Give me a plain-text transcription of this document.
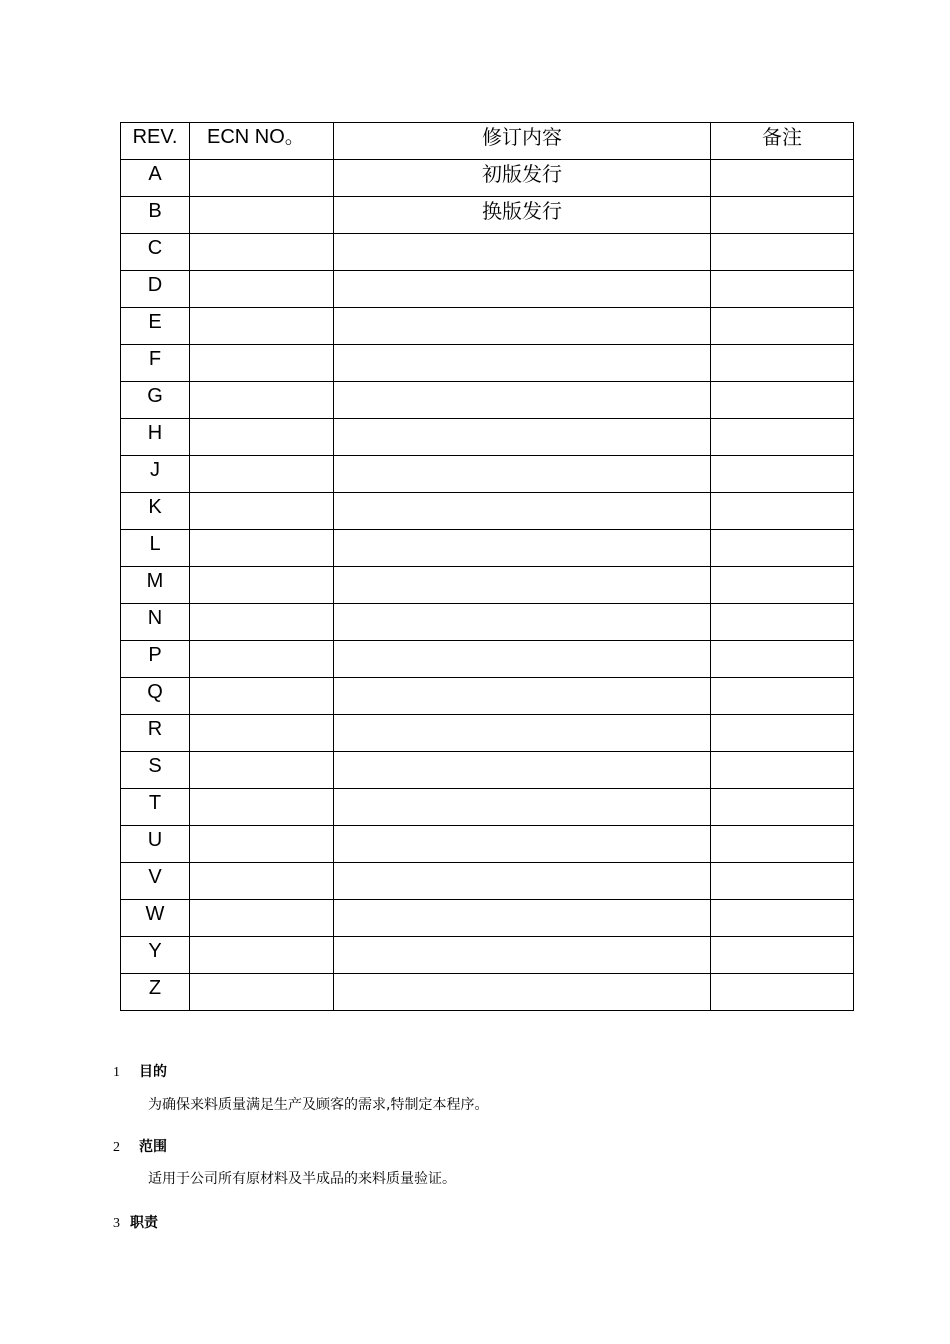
REV.	ECN NO。	修订内容	备注
A		初版发行	
B		换版发行	
C			
D			
E			
F			
G			
H			
J			
K			
L			
M			
N			
P			
Q			
R			
S			
T			
U			
V			
W			
Y			
Z			
1 目的
为确保来料质量满足生产及顾客的需求,特制定本程序。
2 范围
适用于公司所有原材料及半成品的来料质量验证。
3 职责
